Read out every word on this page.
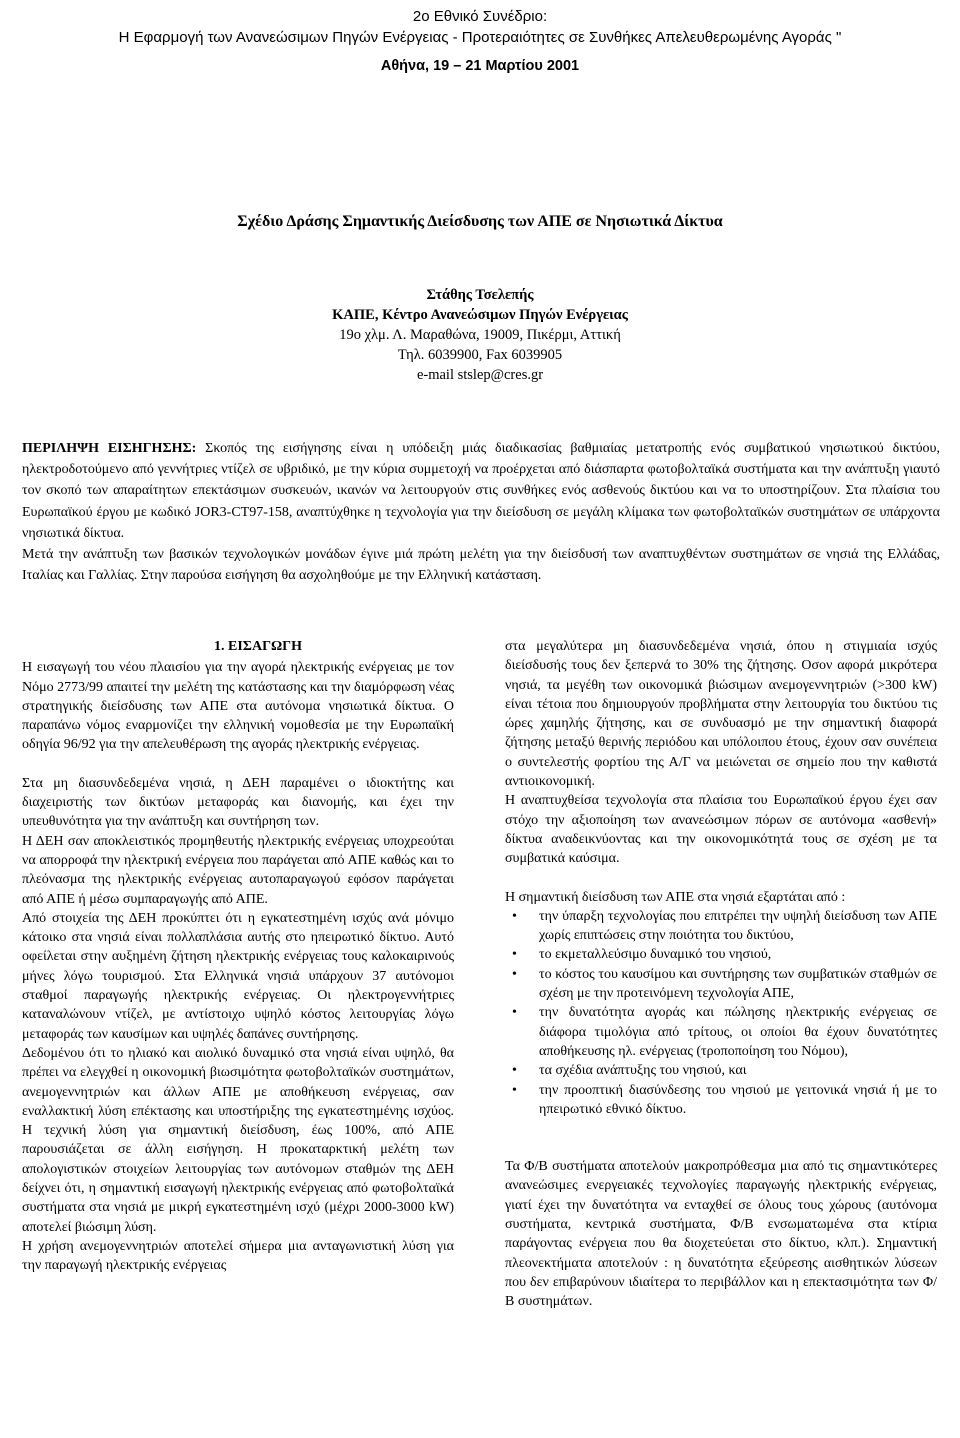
2ο Εθνικό Συνέδριο:
Η Εφαρμογή των Ανανεώσιμων Πηγών Ενέργειας - Προτεραιότητες σε Συνθήκες Απελευθερωμένης Αγοράς "
Αθήνα, 19 – 21 Μαρτίου 2001
Σχέδιο Δράσης Σημαντικής Διείσδυσης των ΑΠΕ σε Νησιωτικά Δίκτυα
Στάθης Τσελεπής
ΚΑΠΕ, Κέντρο Ανανεώσιμων Πηγών Ενέργειας
19ο χλμ. Λ. Μαραθώνα, 19009, Πικέρμι, Αττική
Τηλ. 6039900, Fax 6039905
e-mail stslep@cres.gr

ΠΕΡΙΛΗΨΗ ΕΙΣΗΓΗΣΗΣ: Σκοπός της εισήγησης είναι η υπόδειξη μιάς διαδικασίας βαθμιαίας μετατροπής ενός συμβατικού νησιωτικού δικτύου, ηλεκτροδοτούμενο από γεννήτριες ντίζελ σε υβριδικό, με την κύρια συμμετοχή να προέρχεται από διάσπαρτα φωτοβολταϊκά συστήματα και την ανάπτυξη γιαυτό τον σκοπό των απαραίτητων επεκτάσιμων συσκευών, ικανών να λειτουργούν στις συνθήκες ενός ασθενούς δικτύου και να το υποστηρίζουν. Στα πλαίσια του Ευρωπαϊκού έργου με κωδικό JOR3-CT97-158, αναπτύχθηκε η τεχνολογία για την διείσδυση σε μεγάλη κλίμακα των φωτοβολταϊκών συστημάτων σε υπάρχοντα νησιωτικά δίκτυα.

Μετά την ανάπτυξη των βασικών τεχνολογικών μονάδων έγινε μιά πρώτη μελέτη για την διείσδυσή των αναπτυχθέντων συστημάτων σε νησιά της Ελλάδας, Ιταλίας και Γαλλίας. Στην παρούσα εισήγηση θα ασχοληθούμε με την Ελληνική κατάσταση.

1. ΕΙΣΑΓΩΓΗ

Η εισαγωγή του νέου πλαισίου για την αγορά ηλεκτρικής ενέργειας με τον Νόμο 2773/99 απαιτεί την μελέτη της κατάστασης και την διαμόρφωση νέας στρατηγικής διείσδυσης των ΑΠΕ στα αυτόνομα νησιωτικά δίκτυα. Ο παραπάνω νόμος εναρμονίζει την ελληνική νομοθεσία με την Ευρωπαϊκή οδηγία 96/92 για την απελευθέρωση της αγοράς ηλεκτρικής ενέργειας.

Στα μη διασυνδεδεμένα νησιά, η ΔΕΗ παραμένει ο ιδιοκτήτης και διαχειριστής των δικτύων μεταφοράς και διανομής, και έχει την υπευθυνότητα για την ανάπτυξη και συντήρηση των.

Η ΔΕΗ σαν αποκλειστικός προμηθευτής ηλεκτρικής ενέργειας υποχρεούται να απορροφά την ηλεκτρική ενέργεια που παράγεται από ΑΠΕ καθώς και το πλεόνασμα της ηλεκτρικής ενέργειας αυτοπαραγωγού εφόσον παράγεται από ΑΠΕ ή μέσω συμπαραγωγής από ΑΠΕ.

Από στοιχεία της ΔΕΗ προκύπτει ότι η εγκατεστημένη ισχύς ανά μόνιμο κάτοικο στα νησιά είναι πολλαπλάσια αυτής στο ηπειρωτικό δίκτυο. Αυτό οφείλεται στην αυξημένη ζήτηση ηλεκτρικής ενέργειας τους καλοκαιρινούς μήνες λόγω τουρισμού. Στα Ελληνικά νησιά υπάρχουν 37 αυτόνομοι σταθμοί παραγωγής ηλεκτρικής ενέργειας. Οι ηλεκτρογεννήτριες καταναλώνουν ντίζελ, με αντίστοιχο υψηλό κόστος λειτουργίας λόγω μεταφοράς των καυσίμων και υψηλές δαπάνες συντήρησης.

Δεδομένου ότι το ηλιακό και αιολικό δυναμικό στα νησιά είναι υψηλό, θα πρέπει να ελεγχθεί η οικονομική βιωσιμότητα φωτοβολταϊκών συστημάτων, ανεμογεννητριών και άλλων ΑΠΕ με αποθήκευση ενέργειας, σαν εναλλακτική λύση επέκτασης και υποστήριξης της εγκατεστημένης ισχύος. Η τεχνική λύση για σημαντική διείσδυση, έως 100%, από ΑΠΕ παρουσιάζεται σε άλλη εισήγηση. Η προκαταρκτική μελέτη των απολογιστικών στοιχείων λειτουργίας των αυτόνομων σταθμών της ΔΕΗ δείχνει ότι, η σημαντική εισαγωγή ηλεκτρικής ενέργειας από φωτοβολταϊκά συστήματα στα νησιά με μικρή εγκατεστημένη ισχύ (μέχρι 2000-3000 kW) αποτελεί βιώσιμη λύση.

Η χρήση ανεμογεννητριών αποτελεί σήμερα μια ανταγωνιστική λύση για την παραγωγή ηλεκτρικής ενέργειας

στα μεγαλύτερα μη διασυνδεδεμένα νησιά, όπου η στιγμιαία ισχύς διείσδυσής τους δεν ξεπερνά το 30% της ζήτησης. Οσον αφορά μικρότερα νησιά, τα μεγέθη των οικονομικά βιώσιμων ανεμογεννητριών (>300 kW) είναι τέτοια που δημιουργούν προβλήματα στην λειτουργία του δικτύου τις ώρες χαμηλής ζήτησης, και σε συνδυασμό με την σημαντική διαφορά ζήτησης μεταξύ θερινής περιόδου και υπόλοιπου έτους, έχουν σαν συνέπεια ο συντελεστής φορτίου της Α/Γ να μειώνεται σε σημείο που την καθιστά αντιοικονομική.

Η αναπτυχθείσα τεχνολογία στα πλαίσια του Ευρωπαϊκού έργου έχει σαν στόχο την αξιοποίηση των ανανεώσιμων πόρων σε αυτόνομα «ασθενή» δίκτυα αναδεικνύοντας και την οικονομικότητά τους σε σχέση με τα συμβατικά καύσιμα.

Η σημαντική διείσδυση των ΑΠΕ στα νησιά εξαρτάται από :

• την ύπαρξη τεχνολογίας που επιτρέπει την υψηλή διείσδυση των ΑΠΕ χωρίς επιπτώσεις στην ποιότητα του δικτύου,
• το εκμεταλλεύσιμο δυναμικό του νησιού,
• το κόστος του καυσίμου και συντήρησης των συμβατικών σταθμών σε σχέση με την προτεινόμενη τεχνολογία ΑΠΕ,
• την δυνατότητα αγοράς και πώλησης ηλεκτρικής ενέργειας σε διάφορα τιμολόγια από τρίτους, οι οποίοι θα έχουν δυνατότητες αποθήκευσης ηλ. ενέργειας (τροποποίηση του Νόμου),
• τα σχέδια ανάπτυξης του νησιού, και
• την προοπτική διασύνδεσης του νησιού με γειτονικά νησιά ή με το ηπειρωτικό εθνικό δίκτυο.

Τα Φ/Β συστήματα αποτελούν μακροπρόθεσμα μια από τις σημαντικότερες ανανεώσιμες ενεργειακές τεχνολογίες παραγωγής ηλεκτρικής ενέργειας, γιατί έχει την δυνατότητα να ενταχθεί σε όλους τους χώρους (αυτόνομα συστήματα, κεντρικά συστήματα, Φ/Β ενσωματωμένα στα κτίρια παράγοντας ενέργεια που θα διοχετεύεται στο δίκτυο, κλπ.). Σημαντική πλεονεκτήματα αποτελούν : η δυνατότητα εξεύρεσης αισθητικών λύσεων που δεν επιβαρύνουν ιδιαίτερα το περιβάλλον και η επεκτασιμότητα των Φ/Β συστημάτων.
